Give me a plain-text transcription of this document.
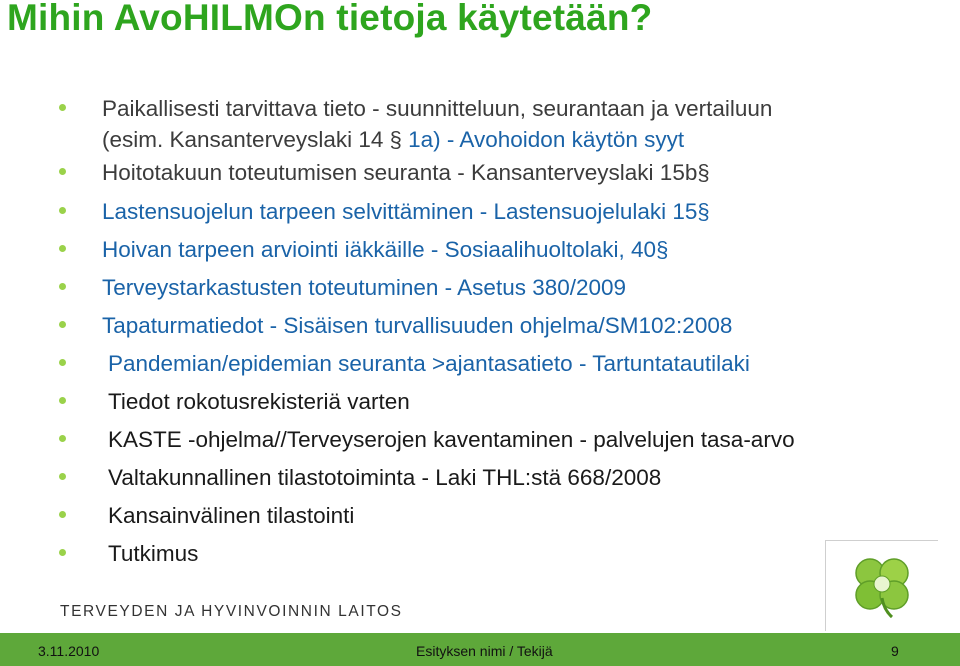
Mihin AvoHILMOn tietoja käytetään?
Paikallisesti tarvittava tieto - suunnitteluun, seurantaan ja vertailuun
(esim. Kansanterveyslaki 14 § 1a) - Avohoidon käytön syyt
Hoitotakuun toteutumisen seuranta - Kansanterveyslaki 15b§
Lastensuojelun tarpeen selvittäminen - Lastensuojelulaki 15§
Hoivan tarpeen arviointi iäkkäille - Sosiaalihuoltolaki, 40§
Terveystarkastusten toteutuminen - Asetus 380/2009
Tapaturmatiedot - Sisäisen turvallisuuden ohjelma/SM102:2008
Pandemian/epidemian seuranta >ajantasatieto - Tartuntatautilaki
Tiedot rokotusrekisteriä varten
KASTE -ohjelma//Terveyserojen kaventaminen - palvelujen tasa-arvo
Valtakunnallinen tilastotoiminta - Laki THL:stä 668/2008
Kansainvälinen tilastointi
Tutkimus
TERVEYDEN JA HYVINVOINNIN LAITOS
3.11.2010	Esityksen nimi / Tekijä	9
